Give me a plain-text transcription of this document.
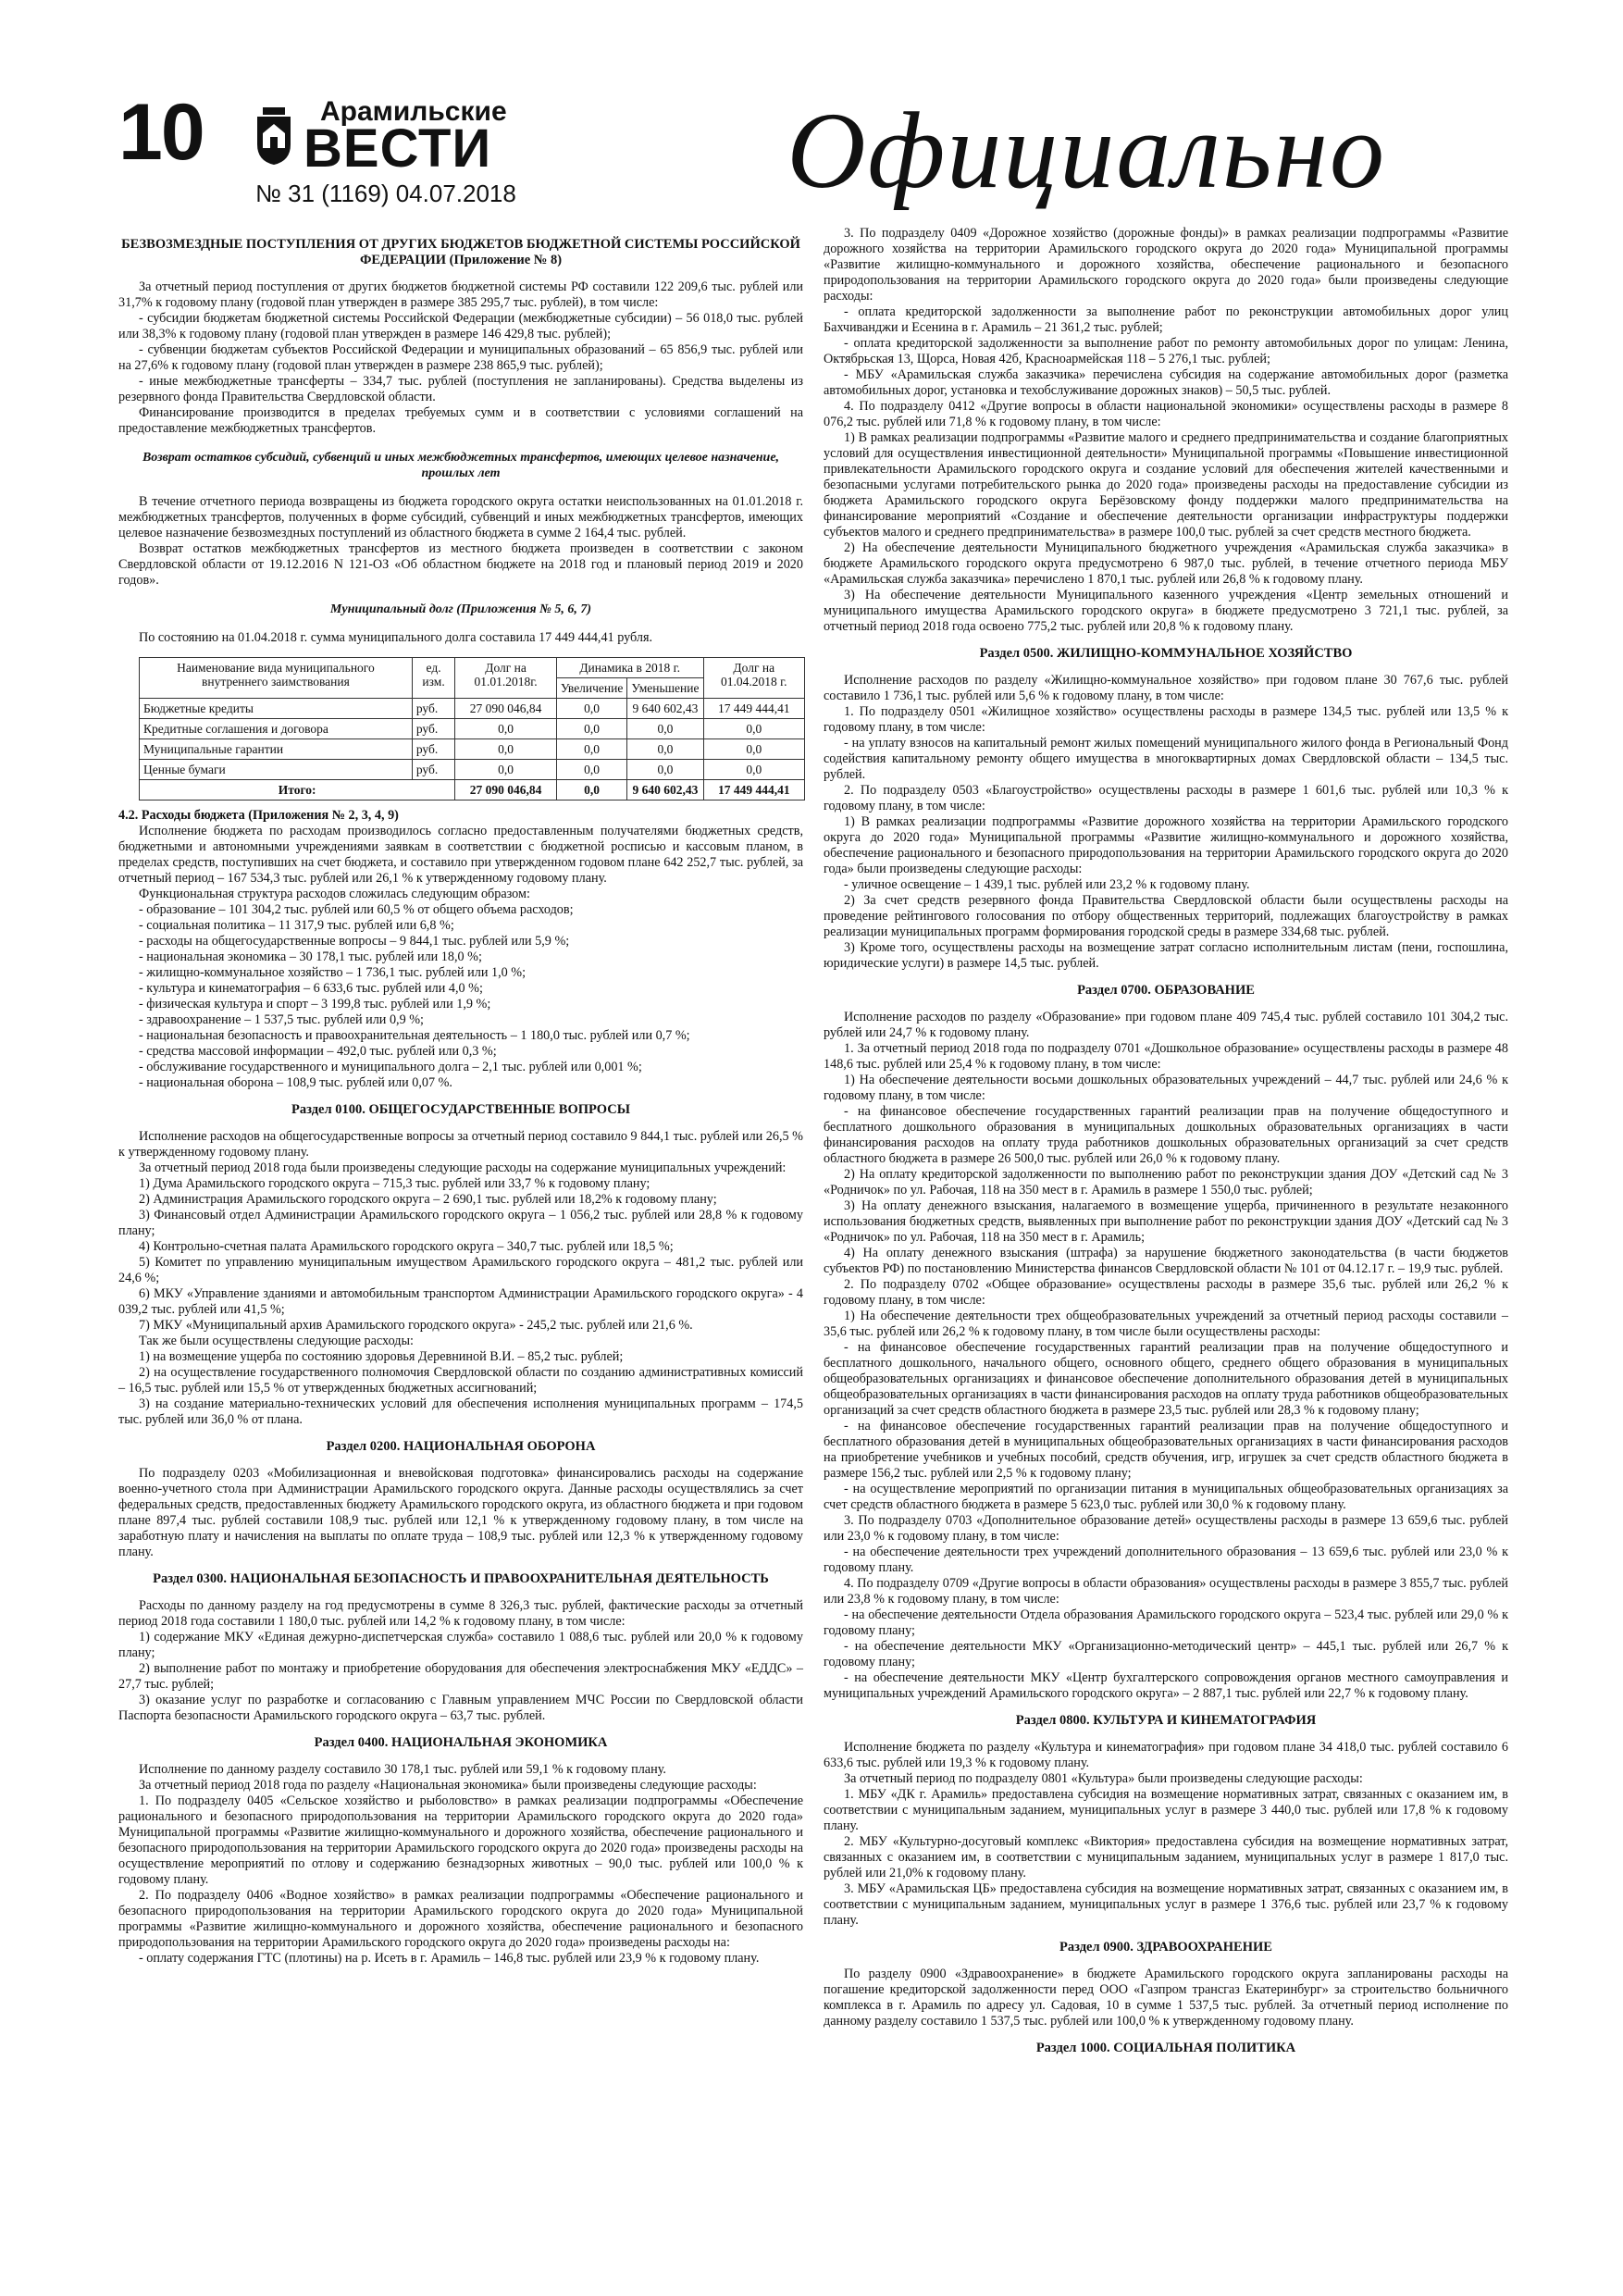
10	Арамильские
ВЕСТИ
№ 31 (1169) 04.07.2018 Официально
БЕЗВОЗМЕЗДНЫЕ ПОСТУПЛЕНИЯ ОТ ДРУГИХ БЮДЖЕТОВ БЮДЖЕТНОЙ СИСТЕМЫ РОССИЙСКОЙ ФЕДЕРАЦИИ (Приложение № 8)

За отчетный период поступления от других бюджетов бюджетной системы РФ составили 122 209,6 тыс. рублей или 31,7% к годовому плану (годовой план утвержден в размере 385 295,7 тыс. рублей), в том числе:

- субсидии бюджетам бюджетной системы Российской Федерации (межбюджетные субсидии) – 56 018,0 тыс. рублей или 38,3% к годовому плану (годовой план утвержден в размере 146 429,8 тыс. рублей);

- субвенции бюджетам субъектов Российской Федерации и муниципальных образований – 65 856,9 тыс. рублей или на 27,6% к годовому плану (годовой план утвержден в размере 238 865,9 тыс. рублей);

- иные межбюджетные трансферты – 334,7 тыс. рублей (поступления не запланированы). Средства выделены из резервного фонда Правительства Свердловской области.

Финансирование производится в пределах требуемых сумм и в соответствии с условиями соглашений на предоставление межбюджетных трансфертов.

Возврат остатков субсидий, субвенций и иных межбюджетных трансфертов, имеющих целевое назначение, прошлых лет

В течение отчетного периода возвращены из бюджета городского округа остатки неиспользованных на 01.01.2018 г. межбюджетных трансфертов, полученных в форме субсидий, субвенций и иных межбюджетных трансфертов, имеющих целевое назначение безвозмездных поступлений из областного бюджета в сумме 2 164,4 тыс. рублей.

Возврат остатков межбюджетных трансфертов из местного бюджета произведен в соответствии с законом Свердловской области от 19.12.2016 N 121-ОЗ «Об областном бюджете на 2018 год и плановый период 2019 и 2020 годов».

Муниципальный долг (Приложения № 5, 6, 7)

По состоянию на 01.04.2018 г. сумма муниципального долга составила 17 449 444,41 рубля.

Наименование вида муниципального внутреннего заимствования	ед. изм.	Долг на 01.01.2018г.	Динамика в 2018 г.		Долг на 01.04.2018 г.
			Увеличение	Уменьшение	
Бюджетные кредиты	руб.	27 090 046,84	0,0	9 640 602,43	17 449 444,41
Кредитные соглашения и договора	руб.	0,0	0,0	0,0	0,0
Муниципальные гарантии	руб.	0,0	0,0	0,0	0,0
Ценные бумаги	руб.	0,0	0,0	0,0	0,0
Итого:		27 090 046,84	0,0	9 640 602,43	17 449 444,41

4.2. Расходы бюджета (Приложения № 2, 3, 4, 9)

Исполнение бюджета по расходам производилось согласно предоставленным получателями бюджетных средств, бюджетными и автономными учреждениями заявкам в соответствии с бюджетной росписью и кассовым планом, в пределах средств, поступивших на счет бюджета, и составило при утвержденном годовом плане 642 252,7 тыс. рублей, за отчетный период – 167 534,3 тыс. рублей или 26,1 % к утвержденному годовому плану.

Функциональная структура расходов сложилась следующим образом:

- образование – 101 304,2 тыс. рублей или 60,5 % от общего объема расходов;

- социальная политика – 11 317,9 тыс. рублей или 6,8 %;

- расходы на общегосударственные вопросы – 9 844,1 тыс. рублей или 5,9 %;

- национальная экономика – 30 178,1 тыс. рублей или 18,0 %;

- жилищно-коммунальное хозяйство – 1 736,1 тыс. рублей или 1,0 %;

- культура и кинематография – 6 633,6 тыс. рублей или 4,0 %;

- физическая культура и спорт – 3 199,8 тыс. рублей или 1,9 %;

- здравоохранение – 1 537,5 тыс. рублей или 0,9 %;

- национальная безопасность и правоохранительная деятельность – 1 180,0 тыс. рублей или 0,7 %;

- средства массовой информации – 492,0 тыс. рублей или 0,3 %;

- обслуживание государственного и муниципального долга – 2,1 тыс. рублей или 0,001 %;

- национальная оборона – 108,9 тыс. рублей или 0,07 %.

Раздел 0100. ОБЩЕГОСУДАРСТВЕННЫЕ ВОПРОСЫ

Исполнение расходов на общегосударственные вопросы за отчетный период составило 9 844,1 тыс. рублей или 26,5 % к утвержденному годовому плану.

За отчетный период 2018 года были произведены следующие расходы на содержание муниципальных учреждений:

1) Дума Арамильского городского округа – 715,3 тыс. рублей или 33,7 % к годовому плану;

2) Администрация Арамильского городского округа – 2 690,1 тыс. рублей или 18,2% к годовому плану;

3) Финансовый отдел Администрации Арамильского городского округа – 1 056,2 тыс. рублей или 28,8 % к годовому плану;

4) Контрольно-счетная палата Арамильского городского округа – 340,7 тыс. рублей или 18,5 %;

5) Комитет по управлению муниципальным имуществом Арамильского городского округа – 481,2 тыс. рублей или 24,6 %;

6) МКУ «Управление зданиями и автомобильным транспортом Администрации Арамильского городского округа» - 4 039,2 тыс. рублей или 41,5 %;

7) МКУ «Муниципальный архив Арамильского городского округа» - 245,2 тыс. рублей или 21,6 %.

Так же были осуществлены следующие расходы:

1) на возмещение ущерба по состоянию здоровья Деревниной В.И. – 85,2 тыс. рублей;

2) на осуществление государственного полномочия Свердловской области по созданию административных комиссий – 16,5 тыс. рублей или 15,5 % от утвержденных бюджетных ассигнований;

3) на создание материально-технических условий для обеспечения исполнения муниципальных программ – 174,5 тыс. рублей или 36,0 % от плана.

Раздел 0200. НАЦИОНАЛЬНАЯ ОБОРОНА

По подразделу 0203 «Мобилизационная и вневойсковая подготовка» финансировались расходы на содержание военно-учетного стола при Администрации Арамильского городского округа. Данные расходы осуществлялись за счет федеральных средств, предоставленных бюджету Арамильского городского округа, из областного бюджета и при годовом плане 897,4 тыс. рублей составили 108,9 тыс. рублей или 12,1 % к утвержденному годовому плану, в том числе на заработную плату и начисления на выплаты по оплате труда – 108,9 тыс. рублей или 12,3 % к утвержденному годовому плану.

Раздел 0300. НАЦИОНАЛЬНАЯ БЕЗОПАСНОСТЬ И ПРАВООХРАНИТЕЛЬНАЯ ДЕЯТЕЛЬНОСТЬ

Расходы по данному разделу на год предусмотрены в сумме 8 326,3 тыс. рублей, фактические расходы за отчетный период 2018 года составили 1 180,0 тыс. рублей или 14,2 % к годовому плану, в том числе:

1) содержание МКУ «Единая дежурно-диспетчерская служба» составило 1 088,6 тыс. рублей или 20,0 % к годовому плану;

2) выполнение работ по монтажу и приобретение оборудования для обеспечения электроснабжения МКУ «ЕДДС» – 27,7 тыс. рублей;

3) оказание услуг по разработке и согласованию с Главным управлением МЧС России по Свердловской области Паспорта безопасности Арамильского городского округа – 63,7 тыс. рублей.

Раздел 0400. НАЦИОНАЛЬНАЯ ЭКОНОМИКА

Исполнение по данному разделу составило 30 178,1 тыс. рублей или 59,1 % к годовому плану.

За отчетный период 2018 года по разделу «Национальная экономика» были произведены следующие расходы:

1. По подразделу 0405 «Сельское хозяйство и рыболовство» в рамках реализации подпрограммы «Обеспечение рационального и безопасного природопользования на территории Арамильского городского округа до 2020 года» Муниципальной программы «Развитие жилищно-коммунального и дорожного хозяйства, обеспечение рационального и безопасного природопользования на территории Арамильского городского округа до 2020 года» произведены расходы на осуществление мероприятий по отлову и содержанию безнадзорных животных – 90,0 тыс. рублей или 100,0 % к годовому плану.

2. По подразделу 0406 «Водное хозяйство» в рамках реализации подпрограммы «Обеспечение рационального и безопасного природопользования на территории Арамильского городского округа до 2020 года» Муниципальной программы «Развитие жилищно-коммунального и дорожного хозяйства, обеспечение рационального и безопасного природопользования на территории Арамильского городского округа до 2020 года» произведены расходы на:

- оплату содержания ГТС (плотины) на р. Исеть в г. Арамиль – 146,8 тыс. рублей или 23,9 % к годовому плану.

3. По подразделу 0409 «Дорожное хозяйство (дорожные фонды)» в рамках реализации подпрограммы «Развитие дорожного хозяйства на территории Арамильского городского округа до 2020 года» Муниципальной программы «Развитие жилищно-коммунального и дорожного хозяйства, обеспечение рационального и безопасного природопользования на территории Арамильского городского округа до 2020 года» были произведены следующие расходы:

- оплата кредиторской задолженности за выполнение работ по реконструкции автомобильных дорог улиц Бахчиванджи и Есенина в г. Арамиль – 21 361,2 тыс. рублей;

- оплата кредиторской задолженности за выполнение работ по ремонту автомобильных дорог по улицам: Ленина, Октябрьская 13, Щорса, Новая 42б, Красноармейская 118 – 5 276,1 тыс. рублей;

- МБУ «Арамильская служба заказчика» перечислена субсидия на содержание автомобильных дорог (разметка автомобильных дорог, установка и техобслуживание дорожных знаков) – 50,5 тыс. рублей.

4. По подразделу 0412 «Другие вопросы в области национальной экономики» осуществлены расходы в размере 8 076,2 тыс. рублей или 71,8 % к годовому плану, в том числе:

1) В рамках реализации подпрограммы «Развитие малого и среднего предпринимательства и создание благоприятных условий для осуществления инвестиционной деятельности» Муниципальной программы «Повышение инвестиционной привлекательности Арамильского городского округа и создание условий для обеспечения жителей качественными и безопасными услугами потребительского рынка до 2020 года» произведены расходы на предоставление субсидии из бюджета Арамильского городского округа Берёзовскому фонду поддержки малого предпринимательства на финансирование мероприятий «Создание и обеспечение деятельности организации инфраструктуры поддержки субъектов малого и среднего предпринимательства» в размере 100,0 тыс. рублей за счет средств местного бюджета.

2) На обеспечение деятельности Муниципального бюджетного учреждения «Арамильская служба заказчика» в бюджете Арамильского городского округа предусмотрено 6 987,0 тыс. рублей, в течение отчетного периода МБУ «Арамильская служба заказчика» перечислено 1 870,1 тыс. рублей или 26,8 % к годовому плану.

3) На обеспечение деятельности Муниципального казенного учреждения «Центр земельных отношений и муниципального имущества Арамильского городского округа» в бюджете предусмотрено 3 721,1 тыс. рублей, за отчетный период 2018 года освоено 775,2 тыс. рублей или 20,8 % к годовому плану.

Раздел 0500. ЖИЛИЩНО-КОММУНАЛЬНОЕ ХОЗЯЙСТВО

Исполнение расходов по разделу «Жилищно-коммунальное хозяйство» при годовом плане 30 767,6 тыс. рублей составило 1 736,1 тыс. рублей или 5,6 % к годовому плану, в том числе:

1. По подразделу 0501 «Жилищное хозяйство» осуществлены расходы в размере 134,5 тыс. рублей или 13,5 % к годовому плану, в том числе:

- на уплату взносов на капитальный ремонт жилых помещений муниципального жилого фонда в Региональный Фонд содействия капитальному ремонту общего имущества в многоквартирных домах Свердловской области – 134,5 тыс. рублей.

2. По подразделу 0503 «Благоустройство» осуществлены расходы в размере 1 601,6 тыс. рублей или 10,3 % к годовому плану, в том числе:

1) В рамках реализации подпрограммы «Развитие дорожного хозяйства на территории Арамильского городского округа до 2020 года» Муниципальной программы «Развитие жилищно-коммунального и дорожного хозяйства, обеспечение рационального и безопасного природопользования на территории Арамильского городского округа до 2020 года» были произведены следующие расходы:

- уличное освещение – 1 439,1 тыс. рублей или 23,2 % к годовому плану.

2) За счет средств резервного фонда Правительства Свердловской области были осуществлены расходы на проведение рейтингового голосования по отбору общественных территорий, подлежащих благоустройству в рамках реализации муниципальных программ формирования городской среды в размере 334,68 тыс. рублей.

3) Кроме того, осуществлены расходы на возмещение затрат согласно исполнительным листам (пени, госпошлина, юридические услуги) в размере 14,5 тыс. рублей.

Раздел 0700. ОБРАЗОВАНИЕ

Исполнение расходов по разделу «Образование» при годовом плане 409 745,4 тыс. рублей составило 101 304,2 тыс. рублей или 24,7 % к годовому плану.

1. За отчетный период 2018 года по подразделу 0701 «Дошкольное образование» осуществлены расходы в размере 48 148,6 тыс. рублей или 25,4 % к годовому плану, в том числе:

1) На обеспечение деятельности восьми дошкольных образовательных учреждений – 44,7 тыс. рублей или 24,6 % к годовому плану, в том числе:

- на финансовое обеспечение государственных гарантий реализации прав на получение общедоступного и бесплатного дошкольного образования в муниципальных дошкольных образовательных организациях в части финансирования расходов на оплату труда работников дошкольных образовательных организаций за счет средств областного бюджета в размере 26 500,0 тыс. рублей или 26,0 % к годовому плану.

2) На оплату кредиторской задолженности по выполнению работ по реконструкции здания ДОУ «Детский сад № 3 «Родничок» по ул. Рабочая, 118 на 350 мест в г. Арамиль в размере 1 550,0 тыс. рублей;

3) На оплату денежного взыскания, налагаемого в возмещение ущерба, причиненного в результате незаконного использования бюджетных средств, выявленных при выполнение работ по реконструкции здания ДОУ «Детский сад № 3 «Родничок» по ул. Рабочая, 118 на 350 мест в г. Арамиль;

4) На оплату денежного взыскания (штрафа) за нарушение бюджетного законодательства (в части бюджетов субъектов РФ) по постановлению Министерства финансов Свердловской области № 101 от 04.12.17 г. – 19,9 тыс. рублей.

2. По подразделу 0702 «Общее образование» осуществлены расходы в размере 35,6 тыс. рублей или 26,2 % к годовому плану, в том числе:

1) На обеспечение деятельности трех общеобразовательных учреждений за отчетный период расходы составили – 35,6 тыс. рублей или 26,2 % к годовому плану, в том числе были осуществлены расходы:

- на финансовое обеспечение государственных гарантий реализации прав на получение общедоступного и бесплатного дошкольного, начального общего, основного общего, среднего общего образования в муниципальных общеобразовательных организациях и финансовое обеспечение дополнительного образования детей в муниципальных общеобразовательных организациях в части финансирования расходов на оплату труда работников общеобразовательных организаций за счет средств областного бюджета в размере 23,5 тыс. рублей или 28,3 % к годовому плану;

- на финансовое обеспечение государственных гарантий реализации прав на получение общедоступного и бесплатного образования детей в муниципальных общеобразовательных организациях в части финансирования расходов на приобретение учебников и учебных пособий, средств обучения, игр, игрушек за счет средств областного бюджета в размере 156,2 тыс. рублей или 2,5 % к годовому плану;

- на осуществление мероприятий по организации питания в муниципальных общеобразовательных организациях за счет средств областного бюджета в размере 5 623,0 тыс. рублей или 30,0 % к годовому плану.

3. По подразделу 0703 «Дополнительное образование детей» осуществлены расходы в размере 13 659,6 тыс. рублей или 23,0 % к годовому плану, в том числе:

- на обеспечение деятельности трех учреждений дополнительного образования – 13 659,6 тыс. рублей или 23,0 % к годовому плану.

4. По подразделу 0709 «Другие вопросы в области образования» осуществлены расходы в размере 3 855,7 тыс. рублей или 23,8 % к годовому плану, в том числе:

- на обеспечение деятельности Отдела образования Арамильского городского округа – 523,4 тыс. рублей или 29,0 % к годовому плану;

- на обеспечение деятельности МКУ «Организационно-методический центр» – 445,1 тыс. рублей или 26,7 % к годовому плану;

- на обеспечение деятельности МКУ «Центр бухгалтерского сопровождения органов местного самоуправления и муниципальных учреждений Арамильского городского округа» – 2 887,1 тыс. рублей или 22,7 % к годовому плану.

Раздел 0800. КУЛЬТУРА И КИНЕМАТОГРАФИЯ

Исполнение бюджета по разделу «Культура и кинематография» при годовом плане 34 418,0 тыс. рублей составило 6 633,6 тыс. рублей или 19,3 % к годовому плану.

За отчетный период по подразделу 0801 «Культура» были произведены следующие расходы:

1. МБУ «ДК г. Арамиль» предоставлена субсидия на возмещение нормативных затрат, связанных с оказанием им, в соответствии с муниципальным заданием, муниципальных услуг в размере 3 440,0 тыс. рублей или 17,8 % к годовому плану.

2. МБУ «Культурно-досуговый комплекс «Виктория» предоставлена субсидия на возмещение нормативных затрат, связанных с оказанием им, в соответствии с муниципальным заданием, муниципальных услуг в размере 1 817,0 тыс. рублей или 21,0% к годовому плану.

3. МБУ «Арамильская ЦБ» предоставлена субсидия на возмещение нормативных затрат, связанных с оказанием им, в соответствии с муниципальным заданием, муниципальных услуг в размере 1 376,6 тыс. рублей или 23,7 % к годовому плану.

Раздел 0900. ЗДРАВООХРАНЕНИЕ

По разделу 0900 «Здравоохранение» в бюджете Арамильского городского округа запланированы расходы на погашение кредиторской задолженности перед ООО «Газпром трансгаз Екатеринбург» за строительство больничного комплекса в г. Арамиль по адресу ул. Садовая, 10 в сумме 1 537,5 тыс. рублей. За отчетный период исполнение по данному разделу составило 1 537,5 тыс. рублей или 100,0 % к утвержденному годовому плану.

Раздел 1000. СОЦИАЛЬНАЯ ПОЛИТИКА
